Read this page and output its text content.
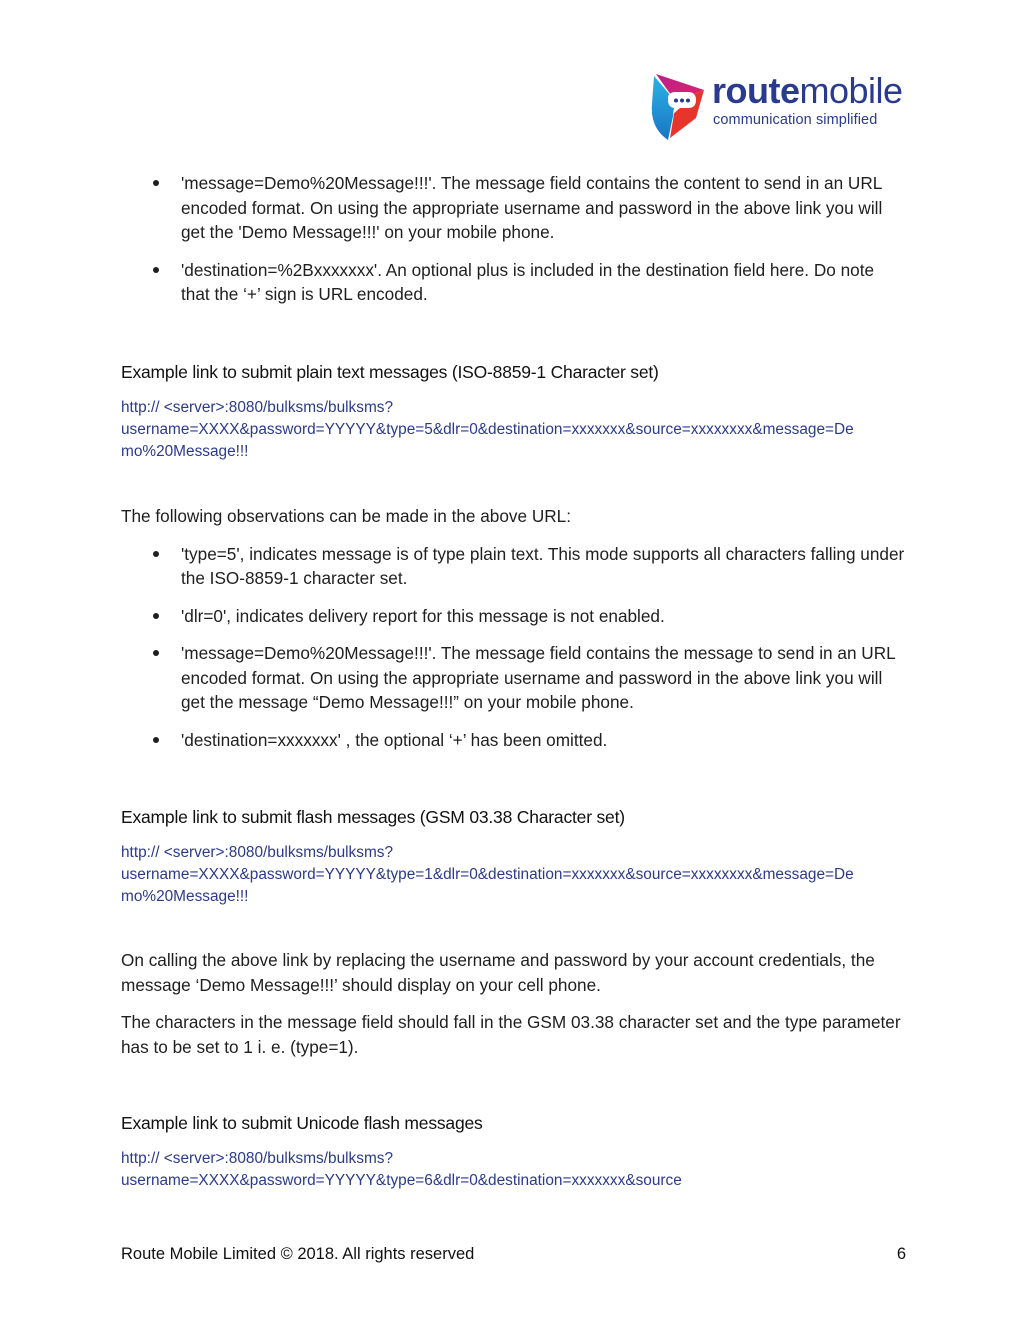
routemobile
communication simplified
'message=Demo%20Message!!!'. The message field contains the content to send in an URL encoded format. On using the appropriate username and password in the above link you will get the 'Demo Message!!!' on your mobile phone.
'destination=%2Bxxxxxxx'. An optional plus is included in the destination field here. Do note that the ‘+’ sign is URL encoded.
Example link to submit plain text messages (ISO-8859-1 Character set)
http:// <server>:8080/bulksms/bulksms?
username=XXXX&password=YYYYY&type=5&dlr=0&destination=xxxxxxx&source=xxxxxxxx&message=De
mo%20Message!!!

The following observations can be made in the above URL:

'type=5', indicates message is of type plain text. This mode supports all characters falling under the ISO-8859-1 character set.
'dlr=0', indicates delivery report for this message is not enabled.
'message=Demo%20Message!!!'. The message field contains the message to send in an URL encoded format. On using the appropriate username and password in the above link you will get the message “Demo Message!!!” on your mobile phone.
'destination=xxxxxxx' , the optional ‘+’ has been omitted.
Example link to submit flash messages (GSM 03.38 Character set)
http:// <server>:8080/bulksms/bulksms?
username=XXXX&password=YYYYY&type=1&dlr=0&destination=xxxxxxx&source=xxxxxxxx&message=De
mo%20Message!!!

On calling the above link by replacing the username and password by your account credentials, the message ‘Demo Message!!!’ should display on your cell phone.

The characters in the message field should fall in the GSM 03.38 character set and the type parameter has to be set to 1 i. e. (type=1).

Example link to submit Unicode flash messages
http:// <server>:8080/bulksms/bulksms?
username=XXXX&password=YYYYY&type=6&dlr=0&destination=xxxxxxx&source
Route Mobile Limited © 2018. All rights reserved	6
